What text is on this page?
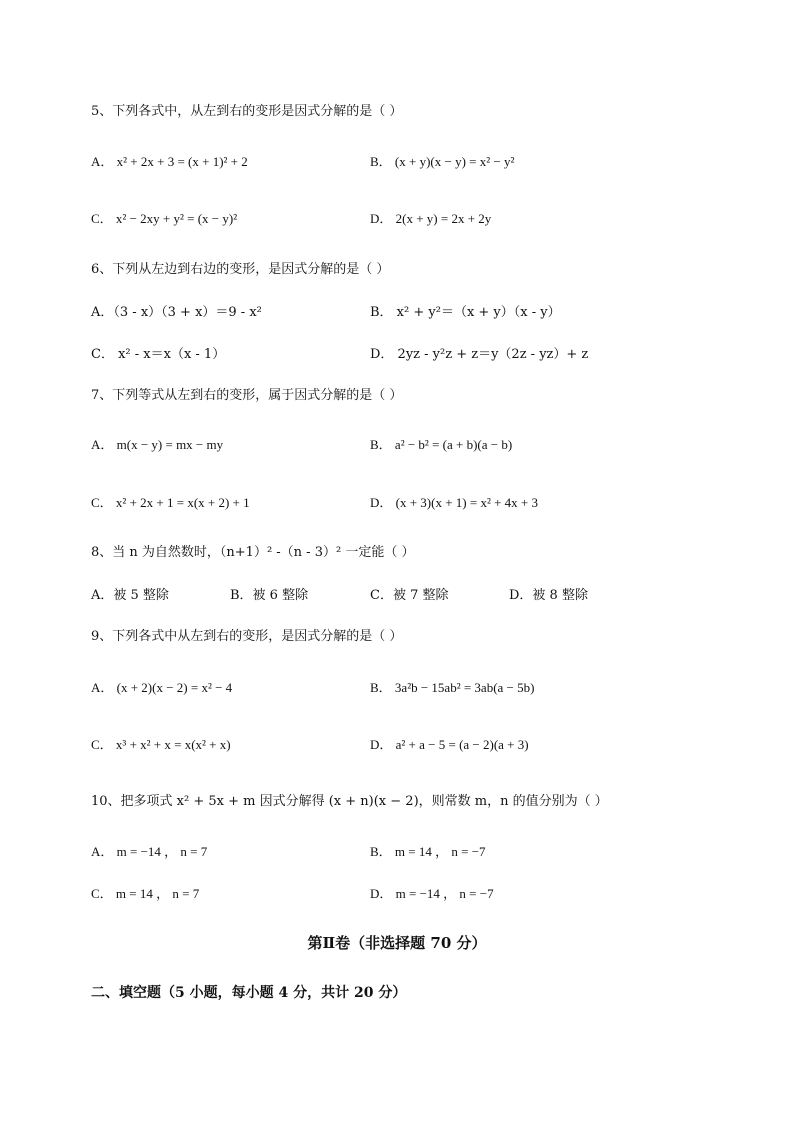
5、下列各式中，从左到右的变形是因式分解的是（ ）
A． x² + 2x + 3 = (x + 1)² + 2	B． (x + y)(x − y) = x² − y²
C． x² − 2xy + y² = (x − y)²	D． 2(x + y) = 2x + 2y
6、下列从左边到右边的变形，是因式分解的是（ ）
A．（3 - x）（3 + x）＝9 - x²	B． x² + y²＝（x + y）（x - y）
C． x² - x＝x（x - 1）	D． 2yz - y²z + z＝y（2z - yz）+ z
7、下列等式从左到右的变形，属于因式分解的是（ ）
A． m(x − y) = mx − my	B． a² − b² = (a + b)(a − b)
C． x² + 2x + 1 = x(x + 2) + 1	D． (x + 3)(x + 1) = x² + 4x + 3
8、当 n 为自然数时，（n+1）² -（n - 3）² 一定能（ ）
A．被 5 整除	B．被 6 整除	C．被 7 整除	D．被 8 整除
9、下列各式中从左到右的变形，是因式分解的是（ ）
A． (x + 2)(x − 2) = x² − 4	B． 3a²b − 15ab² = 3ab(a − 5b)
C． x³ + x² + x = x(x² + x)	D． a² + a − 5 = (a − 2)(a + 3)
10、把多项式 x² + 5x + m 因式分解得 (x + n)(x − 2)，则常数 m，n 的值分别为（ ）
A． m = −14 ， n = 7	B． m = 14 ， n = −7
C． m = 14 ， n = 7	D． m = −14 ， n = −7
第Ⅱ卷（非选择题 70 分）
二、填空题（5 小题，每小题 4 分，共计 20 分）
